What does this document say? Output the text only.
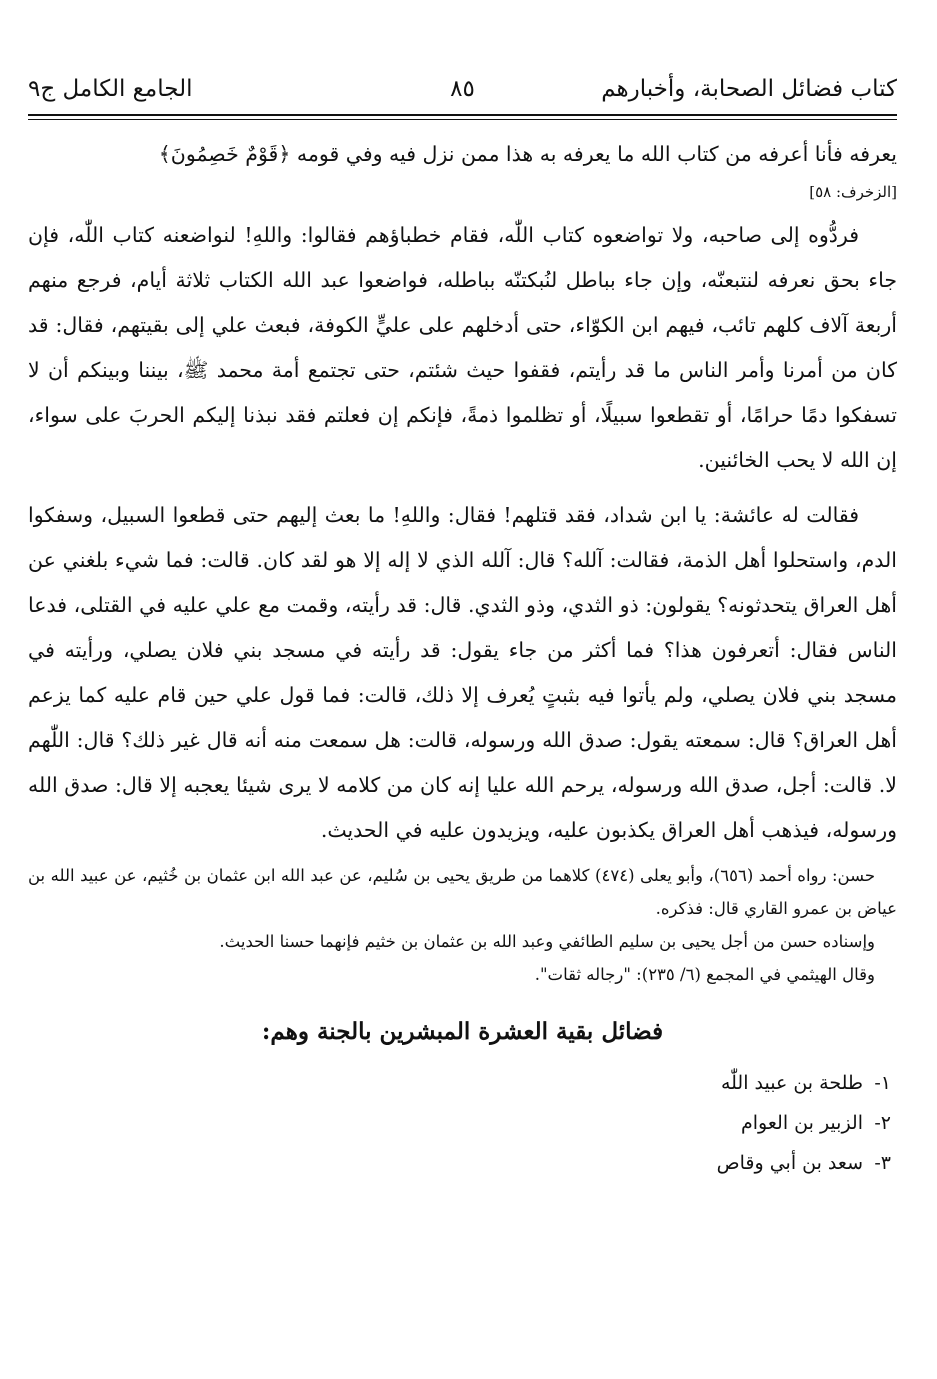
كتاب فضائل الصحابة، وأخبارهم
٨٥
الجامع الكامل ج٩

يعرفه فأنا أعرفه من كتاب الله ما يعرفه به هذا ممن نزل فيه وفي قومه ﴿قَوْمٌ خَصِمُونَ﴾

[الزخرف: ٥٨]

فردُّوه إلى صاحبه، ولا تواضعوه كتاب اللّٰه، فقام خطباؤهم فقالوا: واللهِ! لنواضعنه كتاب اللّٰه، فإن جاء بحق نعرفه لنتبعنّه، وإن جاء بباطل لنُبكتنّه بباطله، فواضعوا عبد الله الكتاب ثلاثة أيام، فرجع منهم أربعة آلاف كلهم تائب، فيهم ابن الكوّاء، حتى أدخلهم على عليٍّ الكوفة، فبعث علي إلى بقيتهم، فقال: قد كان من أمرنا وأمر الناس ما قد رأيتم، فقفوا حيث شئتم، حتى تجتمع أمة محمد ﷺ، بيننا وبينكم أن لا تسفكوا دمًا حرامًا، أو تقطعوا سبيلًا، أو تظلموا ذمةً، فإنكم إن فعلتم فقد نبذنا إليكم الحربَ على سواء، إن الله لا يحب الخائنين.

فقالت له عائشة: يا ابن شداد، فقد قتلهم! فقال: واللهِ! ما بعث إليهم حتى قطعوا السبيل، وسفكوا الدم، واستحلوا أهل الذمة، فقالت: آلله؟ قال: آلله الذي لا إله إلا هو لقد كان. قالت: فما شيء بلغني عن أهل العراق يتحدثونه؟ يقولون: ذو الثدي، وذو الثدي. قال: قد رأيته، وقمت مع علي عليه في القتلى، فدعا الناس فقال: أتعرفون هذا؟ فما أكثر من جاء يقول: قد رأيته في مسجد بني فلان يصلي، ورأيته في مسجد بني فلان يصلي، ولم يأتوا فيه بثبتٍ يُعرف إلا ذلك، قالت: فما قول علي حين قام عليه كما يزعم أهل العراق؟ قال: سمعته يقول: صدق الله ورسوله، قالت: هل سمعت منه أنه قال غير ذلك؟ قال: اللّٰهم لا. قالت: أجل، صدق الله ورسوله، يرحم الله عليا إنه كان من كلامه لا يرى شيئا يعجبه إلا قال: صدق الله ورسوله، فيذهب أهل العراق يكذبون عليه، ويزيدون عليه في الحديث.

حسن: رواه أحمد (٦٥٦)، وأبو يعلى (٤٧٤) كلاهما من طريق يحيى بن سُليم، عن عبد الله ابن عثمان بن خُثيم، عن عبيد الله بن عياض بن عمرو القاري قال: فذكره.

وإسناده حسن من أجل يحيى بن سليم الطائفي وعبد الله بن عثمان بن خثيم فإنهما حسنا الحديث.

وقال الهيثمي في المجمع (٦/ ٢٣٥): "رجاله ثقات".

فضائل بقية العشرة المبشرين بالجنة وهم:
١-
طلحة بن عبيد اللّٰه
٢-
الزبير بن العوام
٣-
سعد بن أبي وقاص
